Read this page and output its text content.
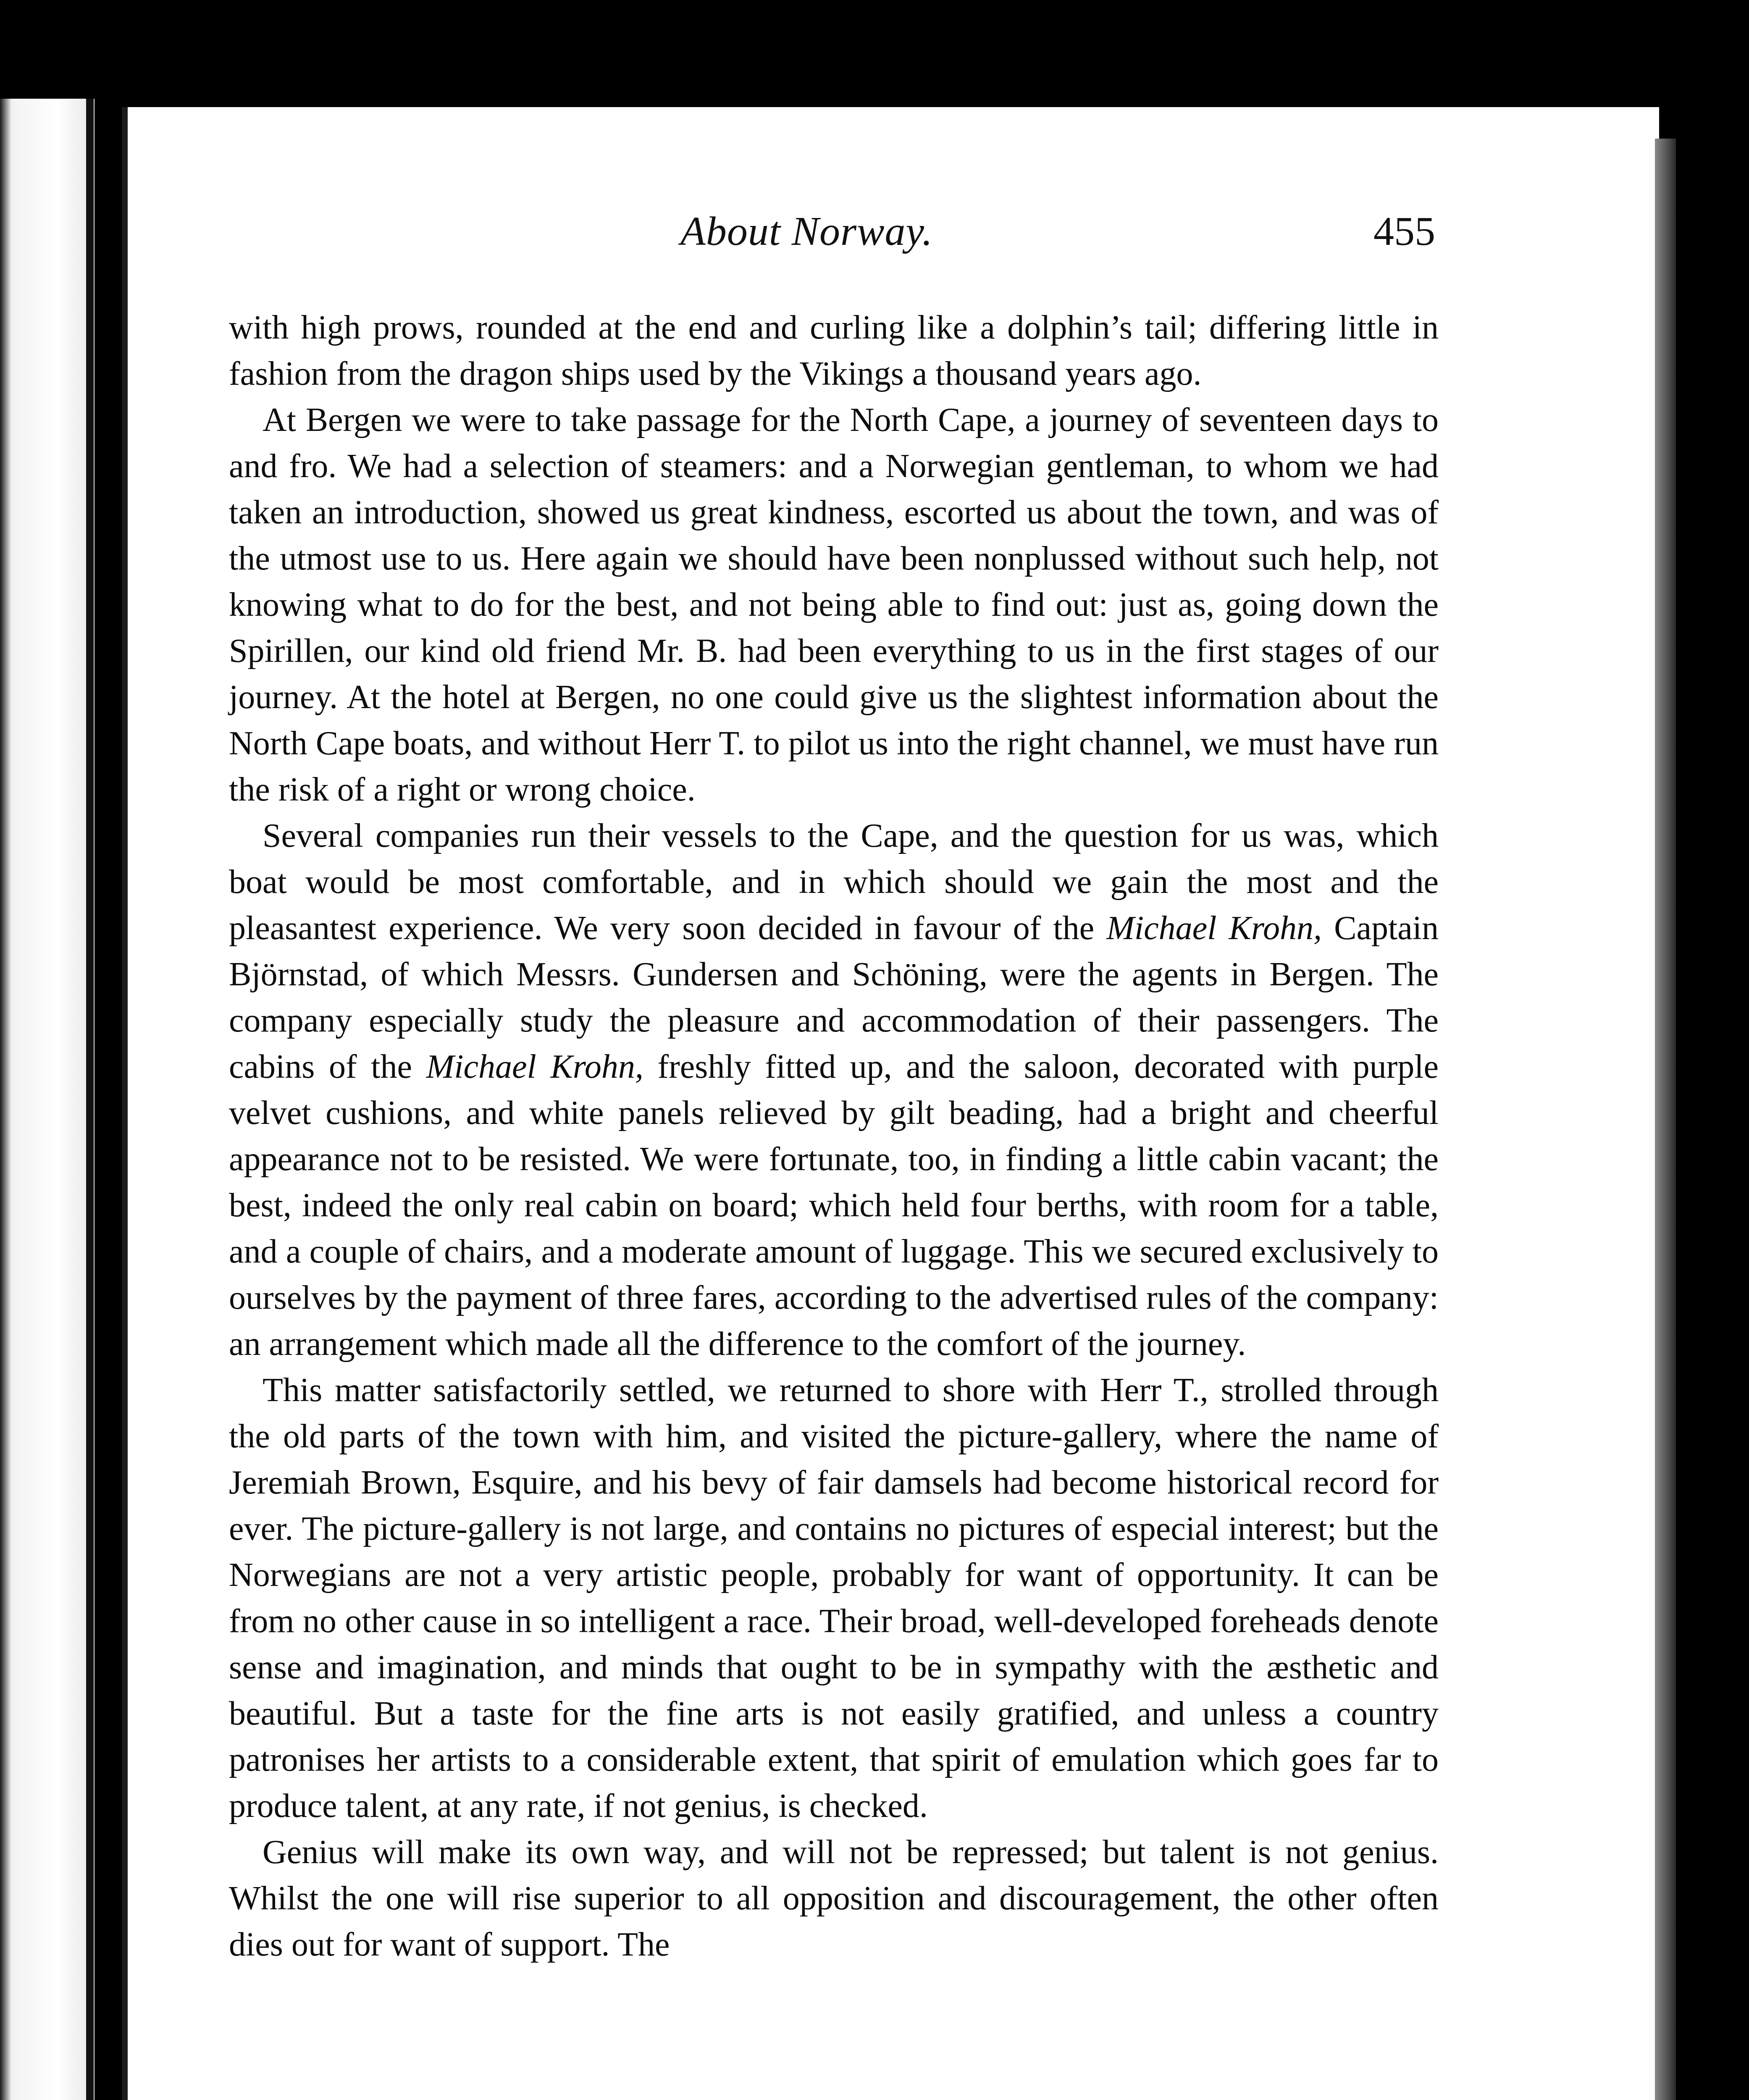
About Norway.	455

with high prows, rounded at the end and curling like a dolphin’s tail; differing little in fashion from the dragon ships used by the Vikings a thousand years ago.

At Bergen we were to take passage for the North Cape, a journey of seventeen days to and fro. We had a selection of steamers: and a Norwegian gentleman, to whom we had taken an introduction, showed us great kindness, escorted us about the town, and was of the utmost use to us. Here again we should have been nonplussed without such help, not knowing what to do for the best, and not being able to find out: just as, going down the Spirillen, our kind old friend Mr. B. had been everything to us in the first stages of our journey. At the hotel at Bergen, no one could give us the slightest information about the North Cape boats, and without Herr T. to pilot us into the right channel, we must have run the risk of a right or wrong choice.

Several companies run their vessels to the Cape, and the question for us was, which boat would be most comfortable, and in which should we gain the most and the pleasantest experience. We very soon decided in favour of the Michael Krohn, Captain Björnstad, of which Messrs. Gundersen and Schöning, were the agents in Bergen. The company especially study the pleasure and accommodation of their passengers. The cabins of the Michael Krohn, freshly fitted up, and the saloon, decorated with purple velvet cushions, and white panels relieved by gilt beading, had a bright and cheerful appearance not to be resisted. We were fortunate, too, in finding a little cabin vacant; the best, indeed the only real cabin on board; which held four berths, with room for a table, and a couple of chairs, and a moderate amount of luggage. This we secured exclusively to ourselves by the payment of three fares, according to the advertised rules of the company: an arrangement which made all the difference to the comfort of the journey.

This matter satisfactorily settled, we returned to shore with Herr T., strolled through the old parts of the town with him, and visited the picture-gallery, where the name of Jeremiah Brown, Esquire, and his bevy of fair damsels had become historical record for ever. The picture-gallery is not large, and contains no pictures of especial interest; but the Norwegians are not a very artistic people, probably for want of opportunity. It can be from no other cause in so intelligent a race. Their broad, well-developed foreheads denote sense and imagination, and minds that ought to be in sympathy with the æsthetic and beautiful. But a taste for the fine arts is not easily gratified, and unless a country patronises her artists to a considerable extent, that spirit of emulation which goes far to produce talent, at any rate, if not genius, is checked.

Genius will make its own way, and will not be repressed; but talent is not genius. Whilst the one will rise superior to all opposition and discouragement, the other often dies out for want of support. The
